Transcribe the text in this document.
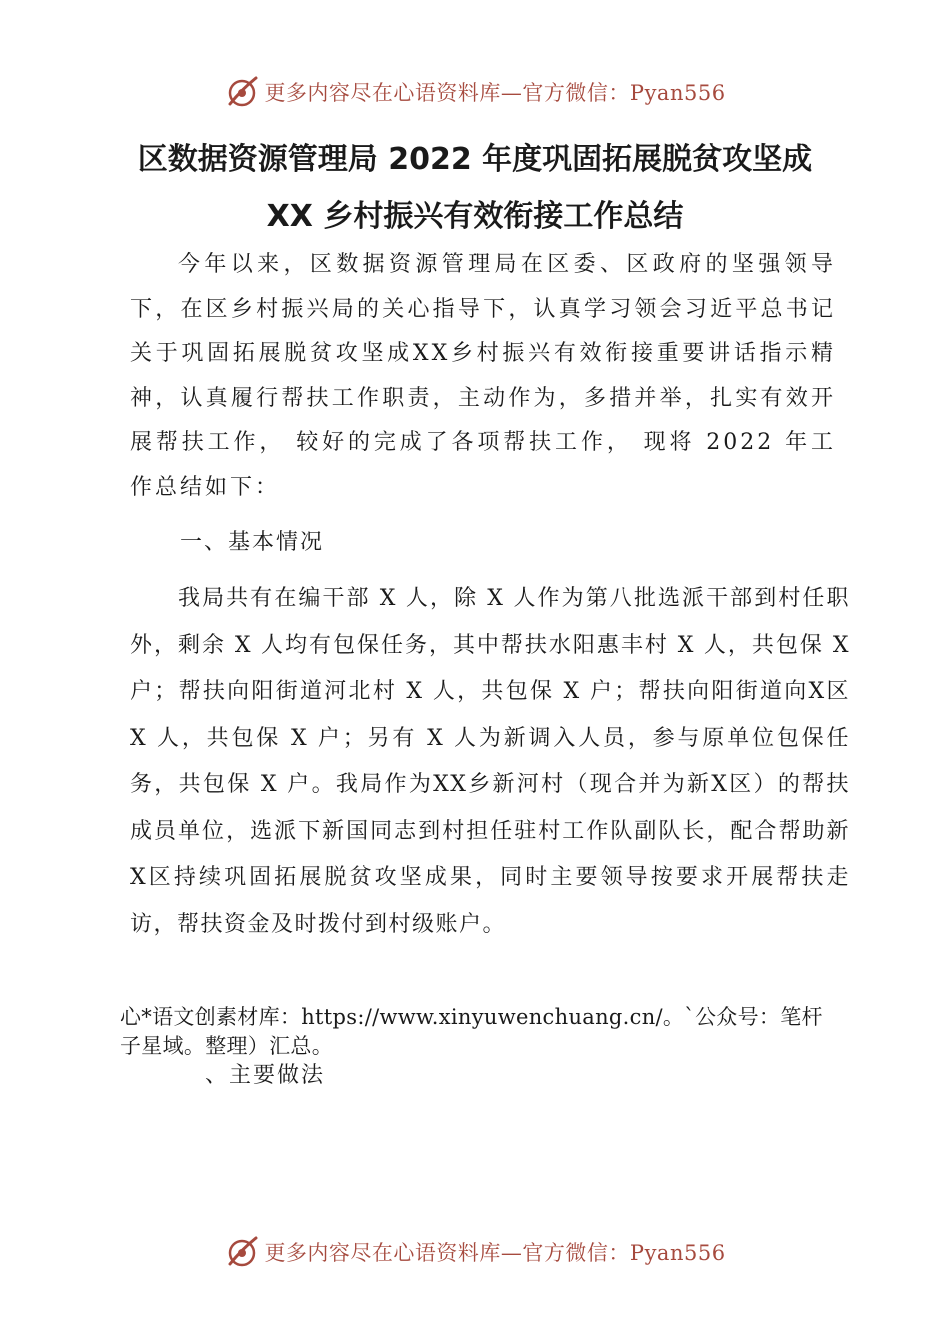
更多内容尽在心语资料库—官方微信：Pyan556
区数据资源管理局 2022 年度巩固拓展脱贫攻坚成
XX 乡村振兴有效衔接工作总结

今年以来，区数据资源管理局在区委、区政府的坚强领导下，在区乡村振兴局的关心指导下，认真学习领会习近平总书记关于巩固拓展脱贫攻坚成XX乡村振兴有效衔接重要讲话指示精神，认真履行帮扶工作职责，主动作为，多措并举，扎实有效开展帮扶工作， 较好的完成了各项帮扶工作， 现将 2022 年工作总结如下：

一、基本情况

我局共有在编干部 X 人，除 X 人作为第八批选派干部到村任职外，剩余 X 人均有包保任务，其中帮扶水阳惠丰村 X 人，共包保 X 户；帮扶向阳街道河北村 X 人，共包保 X 户；帮扶向阳街道向X区 X 人，共包保 X 户；另有 X 人为新调入人员，参与原单位包保任务，共包保 X 户。我局作为XX乡新河村（现合并为新X区）的帮扶成员单位，选派下新国同志到村担任驻村工作队副队长，配合帮助新X区持续巩固拓展脱贫攻坚成果，同时主要领导按要求开展帮扶走访，帮扶资金及时拨付到村级账户。

心*语文创素材库：https://www.xinyuwenchuang.cn/。`公众号：笔杆子星域。整理）汇总。

、主要做法
更多内容尽在心语资料库—官方微信：Pyan556
